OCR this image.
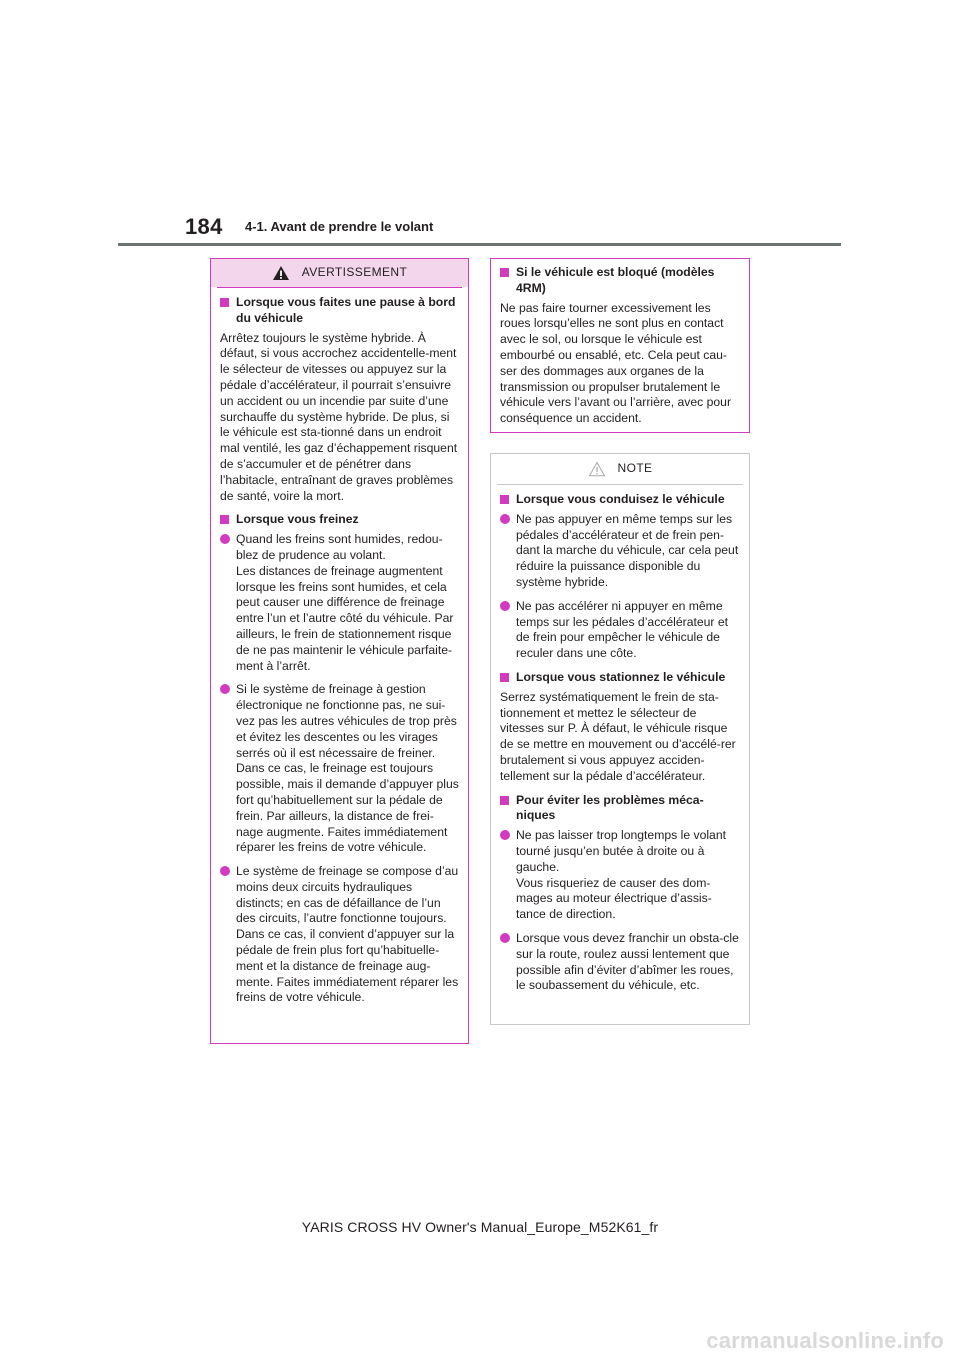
184 4-1. Avant de prendre le volant
AVERTISSEMENT
Lorsque vous faites une pause à bord du véhicule
Arrêtez toujours le système hybride. À défaut, si vous accrochez accidentelle-ment le sélecteur de vitesses ou appuyez sur la pédale d’accélérateur, il pourrait s’ensuivre un accident ou un incendie par suite d’une surchauffe du système hybride. De plus, si le véhicule est sta-tionné dans un endroit mal ventilé, les gaz d’échappement risquent de s’accumuler et de pénétrer dans l’habitacle, entraînant de graves problèmes de santé, voire la mort.
Lorsque vous freinez
Quand les freins sont humides, redou-blez de prudence au volant.
Les distances de freinage augmentent lorsque les freins sont humides, et cela peut causer une différence de freinage entre l’un et l’autre côté du véhicule. Par ailleurs, le frein de stationnement risque de ne pas maintenir le véhicule parfaite-ment à l’arrêt.
Si le système de freinage à gestion électronique ne fonctionne pas, ne sui-vez pas les autres véhicules de trop près et évitez les descentes ou les virages serrés où il est nécessaire de freiner.
Dans ce cas, le freinage est toujours possible, mais il demande d’appuyer plus fort qu’habituellement sur la pédale de frein. Par ailleurs, la distance de frei-nage augmente. Faites immédiatement réparer les freins de votre véhicule.
Le système de freinage se compose d’au moins deux circuits hydrauliques distincts; en cas de défaillance de l’un des circuits, l’autre fonctionne toujours. Dans ce cas, il convient d’appuyer sur la pédale de frein plus fort qu’habituelle-ment et la distance de freinage aug-mente. Faites immédiatement réparer les freins de votre véhicule.
Si le véhicule est bloqué (modèles 4RM)
Ne pas faire tourner excessivement les roues lorsqu’elles ne sont plus en contact avec le sol, ou lorsque le véhicule est embourbé ou ensablé, etc. Cela peut cau-ser des dommages aux organes de la transmission ou propulser brutalement le véhicule vers l’avant ou l’arrière, avec pour conséquence un accident.
NOTE
Lorsque vous conduisez le véhicule
Ne pas appuyer en même temps sur les pédales d’accélérateur et de frein pen-dant la marche du véhicule, car cela peut réduire la puissance disponible du système hybride.
Ne pas accélérer ni appuyer en même temps sur les pédales d’accélérateur et de frein pour empêcher le véhicule de reculer dans une côte.
Lorsque vous stationnez le véhicule
Serrez systématiquement le frein de sta-tionnement et mettez le sélecteur de vitesses sur P. À défaut, le véhicule risque de se mettre en mouvement ou d’accélé-rer brutalement si vous appuyez acciden-tellement sur la pédale d’accélérateur.
Pour éviter les problèmes méca-niques
Ne pas laisser trop longtemps le volant tourné jusqu’en butée à droite ou à gauche.
Vous risqueriez de causer des dom-mages au moteur électrique d’assis-tance de direction.
Lorsque vous devez franchir un obsta-cle sur la route, roulez aussi lentement que possible afin d’éviter d’abîmer les roues, le soubassement du véhicule, etc.
YARIS CROSS HV Owner's Manual_Europe_M52K61_fr
carmanualsonline.info
